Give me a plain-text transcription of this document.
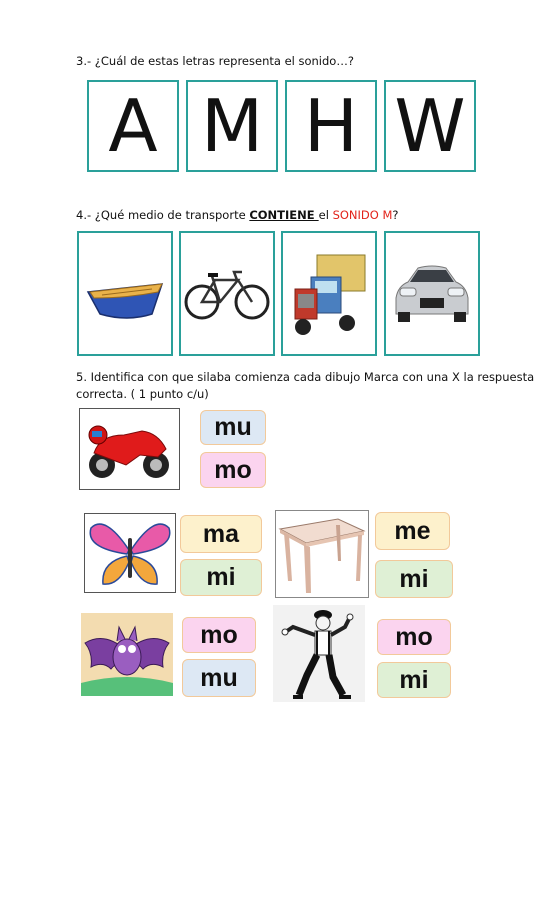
3.- ¿Cuál de estas letras representa el sonido…?
A M H W
4.- ¿Qué medio de transporte CONTIENE el SONIDO M?
5. Identifica con que silaba comienza cada dibujo Marca con una X la respuesta
correcta. ( 1 punto c/u)
mu
mo
ma
mi
me
mi
mo
mu
mo
mi
